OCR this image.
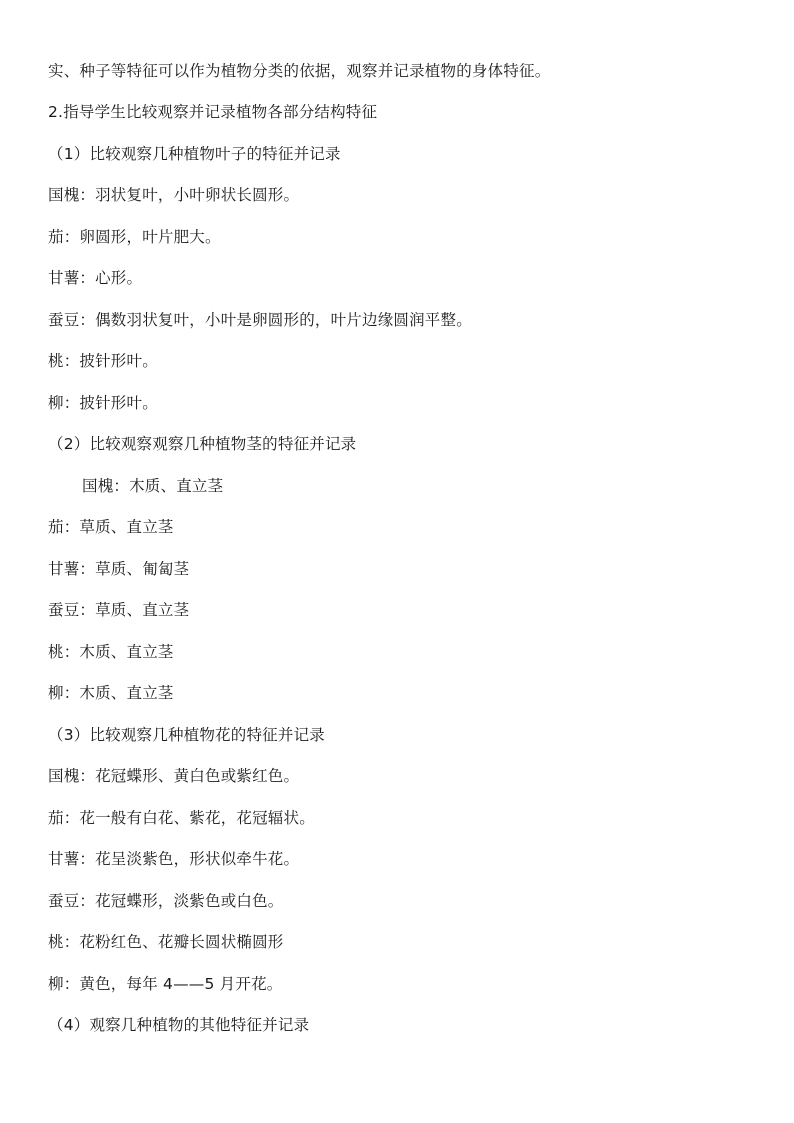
实、种子等特征可以作为植物分类的依据，观察并记录植物的身体特征。
2.指导学生比较观察并记录植物各部分结构特征
（1）比较观察几种植物叶子的特征并记录
国槐：羽状复叶，小叶卵状长圆形。
茄：卵圆形，叶片肥大。
甘薯：心形。
蚕豆：偶数羽状复叶，小叶是卵圆形的，叶片边缘圆润平整。
桃：披针形叶。
柳：披针形叶。
（2）比较观察观察几种植物茎的特征并记录
国槐：木质、直立茎
茄：草质、直立茎
甘薯：草质、匍匐茎
蚕豆：草质、直立茎
桃：木质、直立茎
柳：木质、直立茎
（3）比较观察几种植物花的特征并记录
国槐：花冠蝶形、黄白色或紫红色。
茄：花一般有白花、紫花，花冠辐状。
甘薯：花呈淡紫色，形状似牵牛花。
蚕豆：花冠蝶形，淡紫色或白色。
桃：花粉红色、花瓣长圆状椭圆形
柳：黄色，每年 4——5 月开花。
（4）观察几种植物的其他特征并记录
